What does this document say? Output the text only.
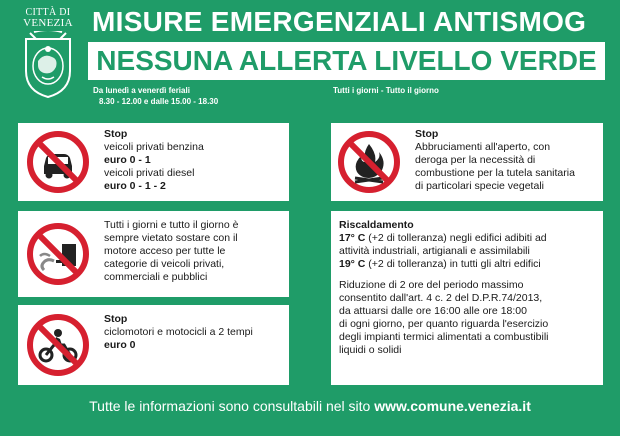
CITTÀ DI
VENEZIA MISURE EMERGENZIALI ANTISMOG
NESSUNA ALLERTA LIVELLO VERDE
Da lunedì a venerdì feriali
8.30 - 12.00 e dalle 15.00 - 18.30
Tutti i giorni - Tutto il giorno
Stop
veicoli privati benzina
euro 0 - 1
veicoli privati diesel
euro 0 - 1 - 2
Tutti i giorni e tutto il giorno è
sempre vietato sostare con il
motore acceso per tutte le
categorie di veicoli privati,
commerciali e pubblici
Stop
ciclomotori e motocicli a 2 tempi
euro 0
Stop
Abbruciamenti all'aperto, con
deroga per la necessità di
combustione per la tutela sanitaria
di particolari specie vegetali
Riscaldamento
17° C (+2 di tolleranza) negli edifici adibiti ad
attività industriali, artigianali e assimilabili
19° C (+2 di tolleranza) in tutti gli altri edifici
Riduzione di 2 ore del periodo massimo
consentito dall'art. 4 c. 2 del D.P.R.74/2013,
da attuarsi dalle ore 16:00 alle ore 18:00
di ogni giorno, per quanto riguarda l'esercizio
degli impianti termici alimentati a combustibili
liquidi o solidi
Tutte le informazioni sono consultabili nel sito www.comune.venezia.it
